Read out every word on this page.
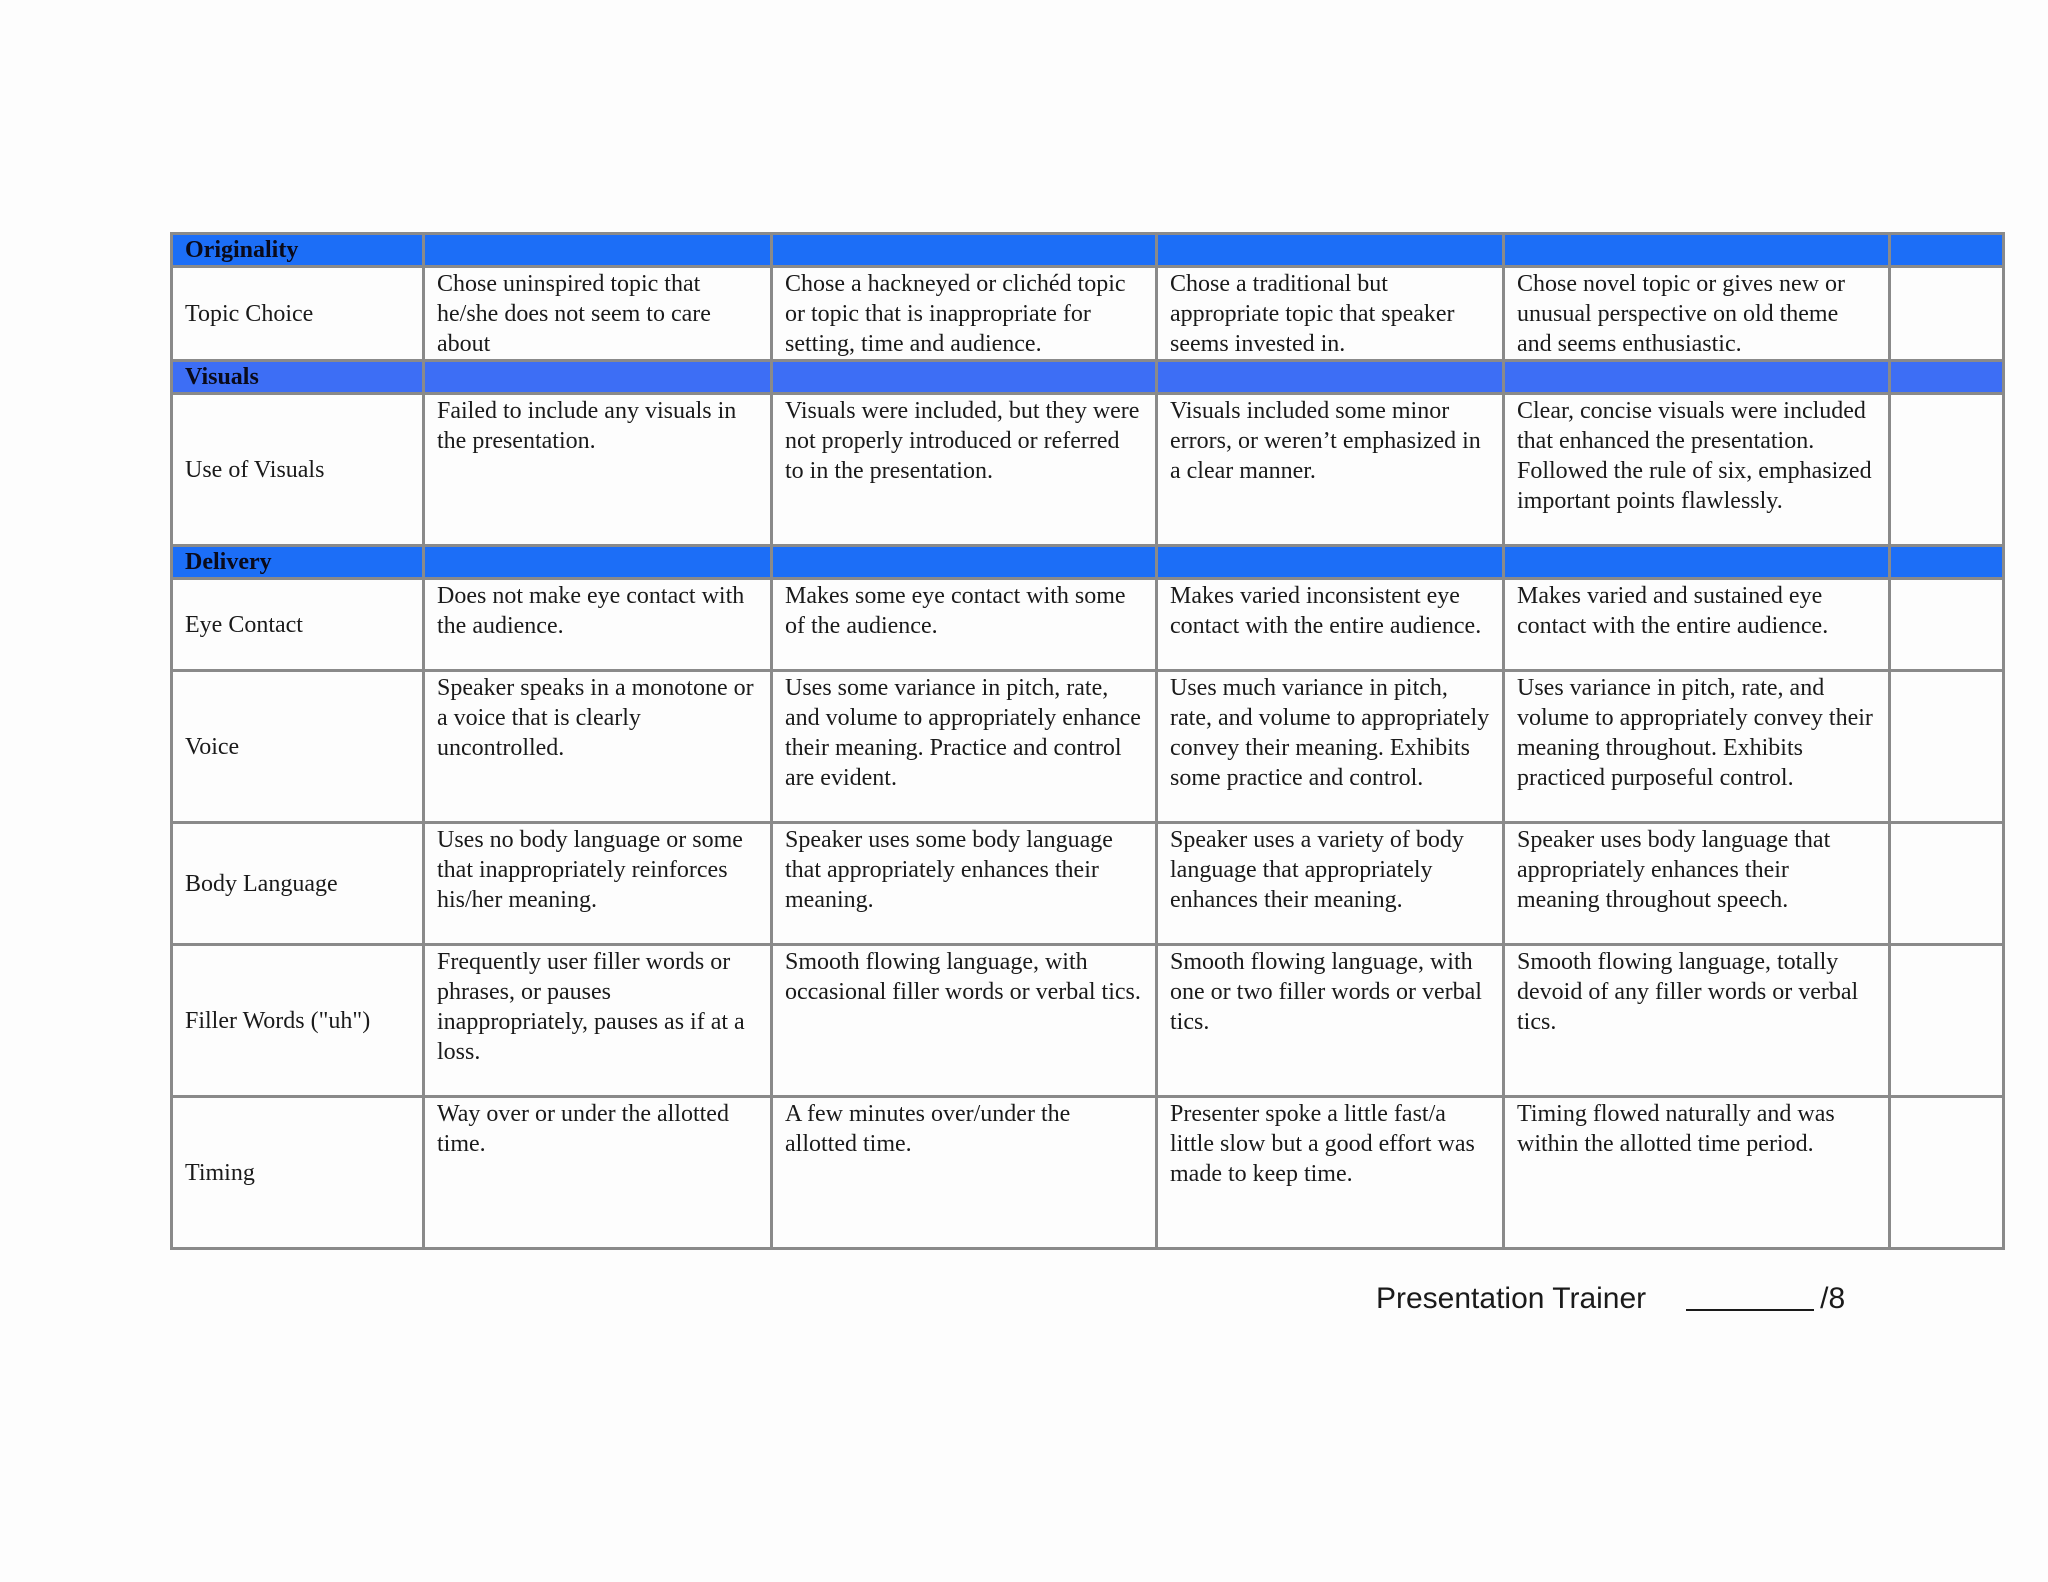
Originality					
Topic Choice	Chose uninspired topic that he/she does not seem to care about	Chose a hackneyed or clichéd topic or topic that is inappropriate for setting, time and audience.	Chose a traditional but appropriate topic that speaker seems invested in.	Chose novel topic or gives new or unusual perspective on old theme and seems enthusiastic.	
Visuals					
Use of Visuals	Failed to include any visuals in the presentation.	Visuals were included, but they were not properly introduced or referred to in the presentation.	Visuals included some minor errors, or weren’t emphasized in a clear manner.	Clear, concise visuals were included that enhanced the presentation. Followed the rule of six, emphasized important points flawlessly.	
Delivery					
Eye Contact	Does not make eye contact with the audience.	Makes some eye contact with some of the audience.	Makes varied inconsistent eye contact with the entire audience.	Makes varied and sustained eye contact with the entire audience.	
Voice	Speaker speaks in a monotone or a voice that is clearly uncontrolled.	Uses some variance in pitch, rate, and volume to appropriately enhance their meaning. Practice and control are evident.	Uses much variance in pitch, rate, and volume to appropriately convey their meaning. Exhibits some practice and control.	Uses variance in pitch, rate, and volume to appropriately convey their meaning throughout. Exhibits practiced purposeful control.	
Body Language	Uses no body language or some that inappropriately reinforces his/her meaning.	Speaker uses some body language that appropriately enhances their meaning.	Speaker uses a variety of body language that appropriately enhances their meaning.	Speaker uses body language that appropriately enhances their meaning throughout speech.	
Filler Words ("uh")	Frequently user filler words or phrases, or pauses inappropriately, pauses as if at a loss.	Smooth flowing language, with occasional filler words or verbal tics.	Smooth flowing language, with one or two filler words or verbal tics.	Smooth flowing language, totally devoid of any filler words or verbal tics.	
Timing	Way over or under the allotted time.	A few minutes over/under the allotted time.	Presenter spoke a little fast/a little slow but a good effort was made to keep time.	Timing flowed naturally and was within the allotted time period.	
Presentation Trainer	/8
